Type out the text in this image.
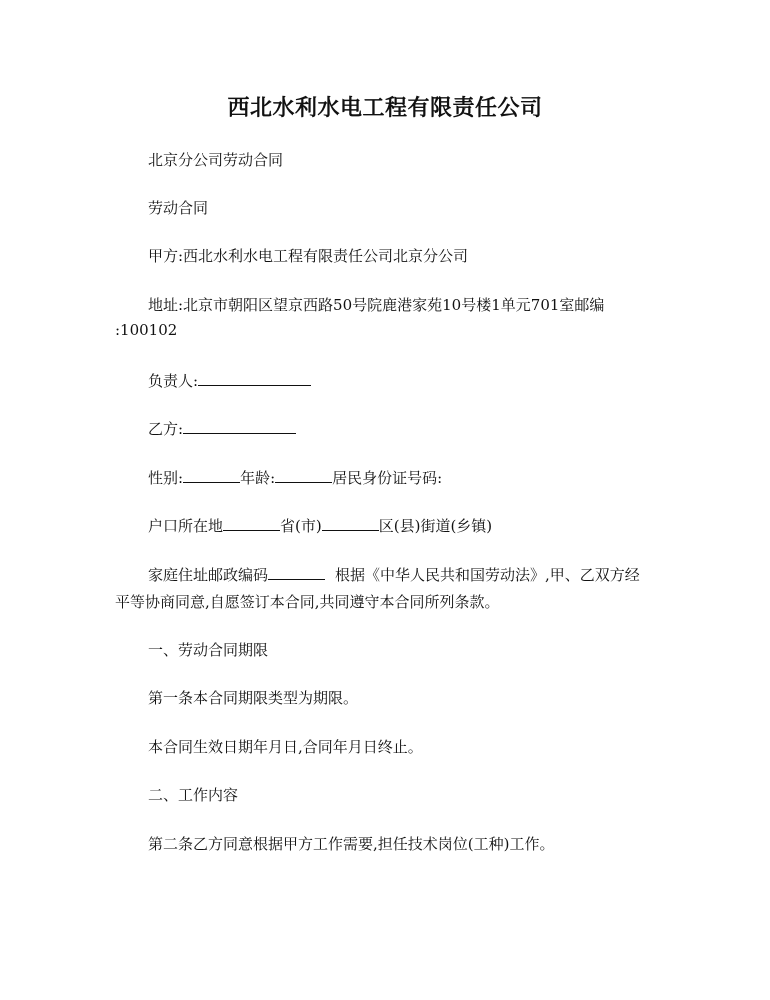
西北水利水电工程有限责任公司
北京分公司劳动合同
劳动合同
甲方:西北水利水电工程有限责任公司北京分公司
地址:北京市朝阳区望京西路50号院鹿港家苑10号楼1单元701室邮编
:100102
负责人:
乙方:
性别:	年龄:	居民身份证号码:
户口所在地	省(市)	区(县)街道(乡镇)
家庭住址邮政编码	根据《中华人民共和国劳动法》,甲、乙双方经
平等协商同意,自愿签订本合同,共同遵守本合同所列条款。
一、劳动合同期限
第一条本合同期限类型为期限。
本合同生效日期年月日,合同年月日终止。
二、工作内容
第二条乙方同意根据甲方工作需要,担任技术岗位(工种)工作。
